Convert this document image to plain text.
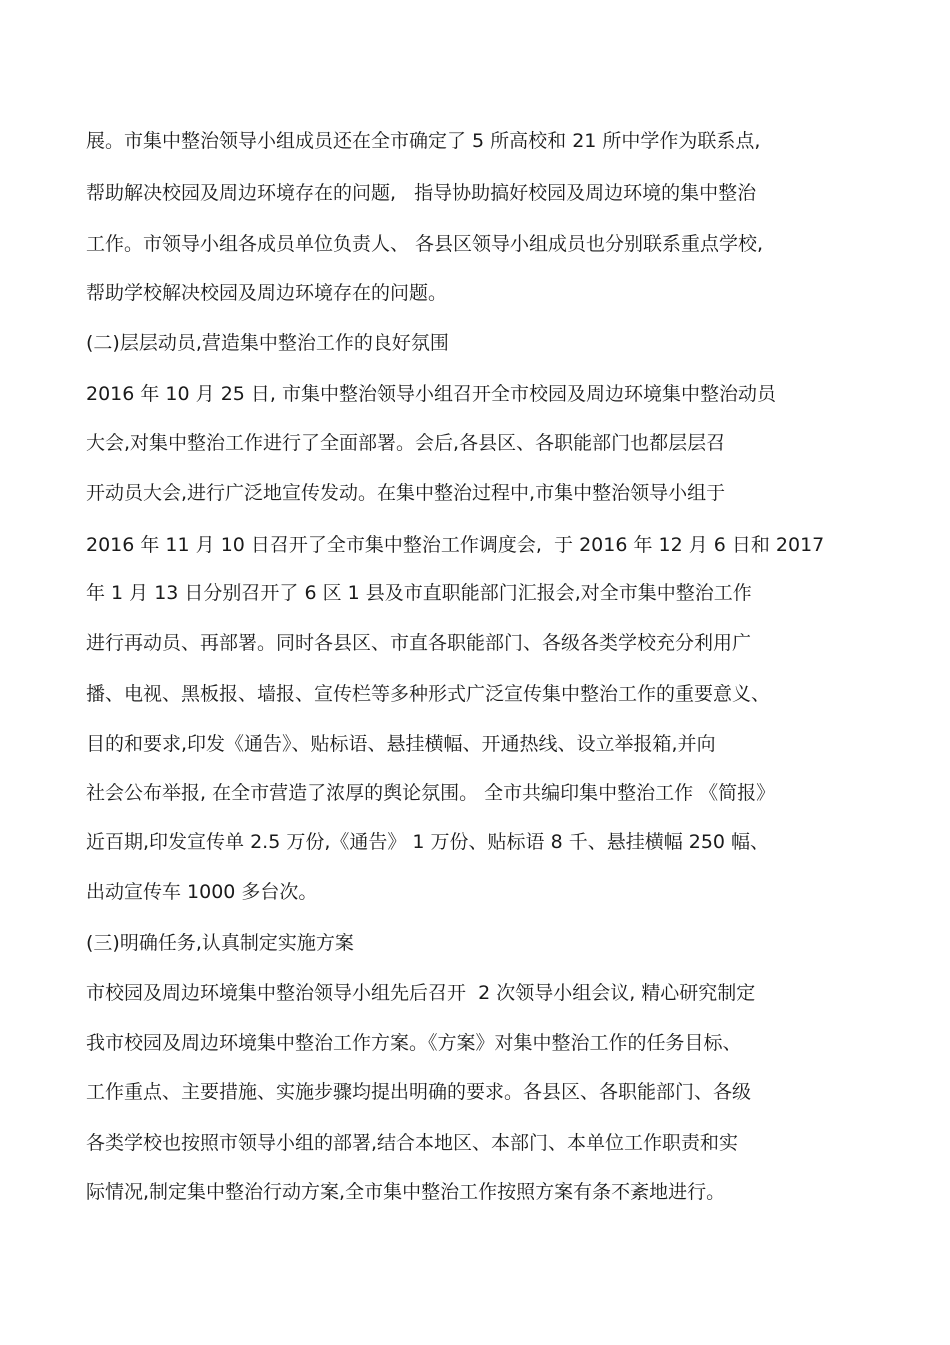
展。市集中整治领导小组成员还在全市确定了 5 所高校和 21 所中学作为联系点,
帮助解决校园及周边环境存在的问题,   指导协助搞好校园及周边环境的集中整治
工作。市领导小组各成员单位负责人、 各县区领导小组成员也分别联系重点学校,
帮助学校解决校园及周边环境存在的问题。
(二)层层动员,营造集中整治工作的良好氛围
2016 年 10 月 25 日, 市集中整治领导小组召开全市校园及周边环境集中整治动员
大会,对集中整治工作进行了全面部署。会后,各县区、各职能部门也都层层召
开动员大会,进行广泛地宣传发动。在集中整治过程中,市集中整治领导小组于
2016 年 11 月 10 日召开了全市集中整治工作调度会,  于 2016 年 12 月 6 日和 2017
年 1 月 13 日分别召开了 6 区 1 县及市直职能部门汇报会,对全市集中整治工作
进行再动员、再部署。同时各县区、市直各职能部门、各级各类学校充分利用广
播、电视、黑板报、墙报、宣传栏等多种形式广泛宣传集中整治工作的重要意义、
目的和要求,印发《通告》、贴标语、悬挂横幅、开通热线、设立举报箱,并向
社会公布举报, 在全市营造了浓厚的舆论氛围。 全市共编印集中整治工作 《简报》
近百期,印发宣传单 2.5 万份,《通告》 1 万份、贴标语 8 千、悬挂横幅 250 幅、
出动宣传车 1000 多台次。
(三)明确任务,认真制定实施方案
市校园及周边环境集中整治领导小组先后召开  2 次领导小组会议, 精心研究制定
我市校园及周边环境集中整治工作方案。《方案》对集中整治工作的任务目标、
工作重点、主要措施、实施步骤均提出明确的要求。各县区、各职能部门、各级
各类学校也按照市领导小组的部署,结合本地区、本部门、本单位工作职责和实
际情况,制定集中整治行动方案,全市集中整治工作按照方案有条不紊地进行。
